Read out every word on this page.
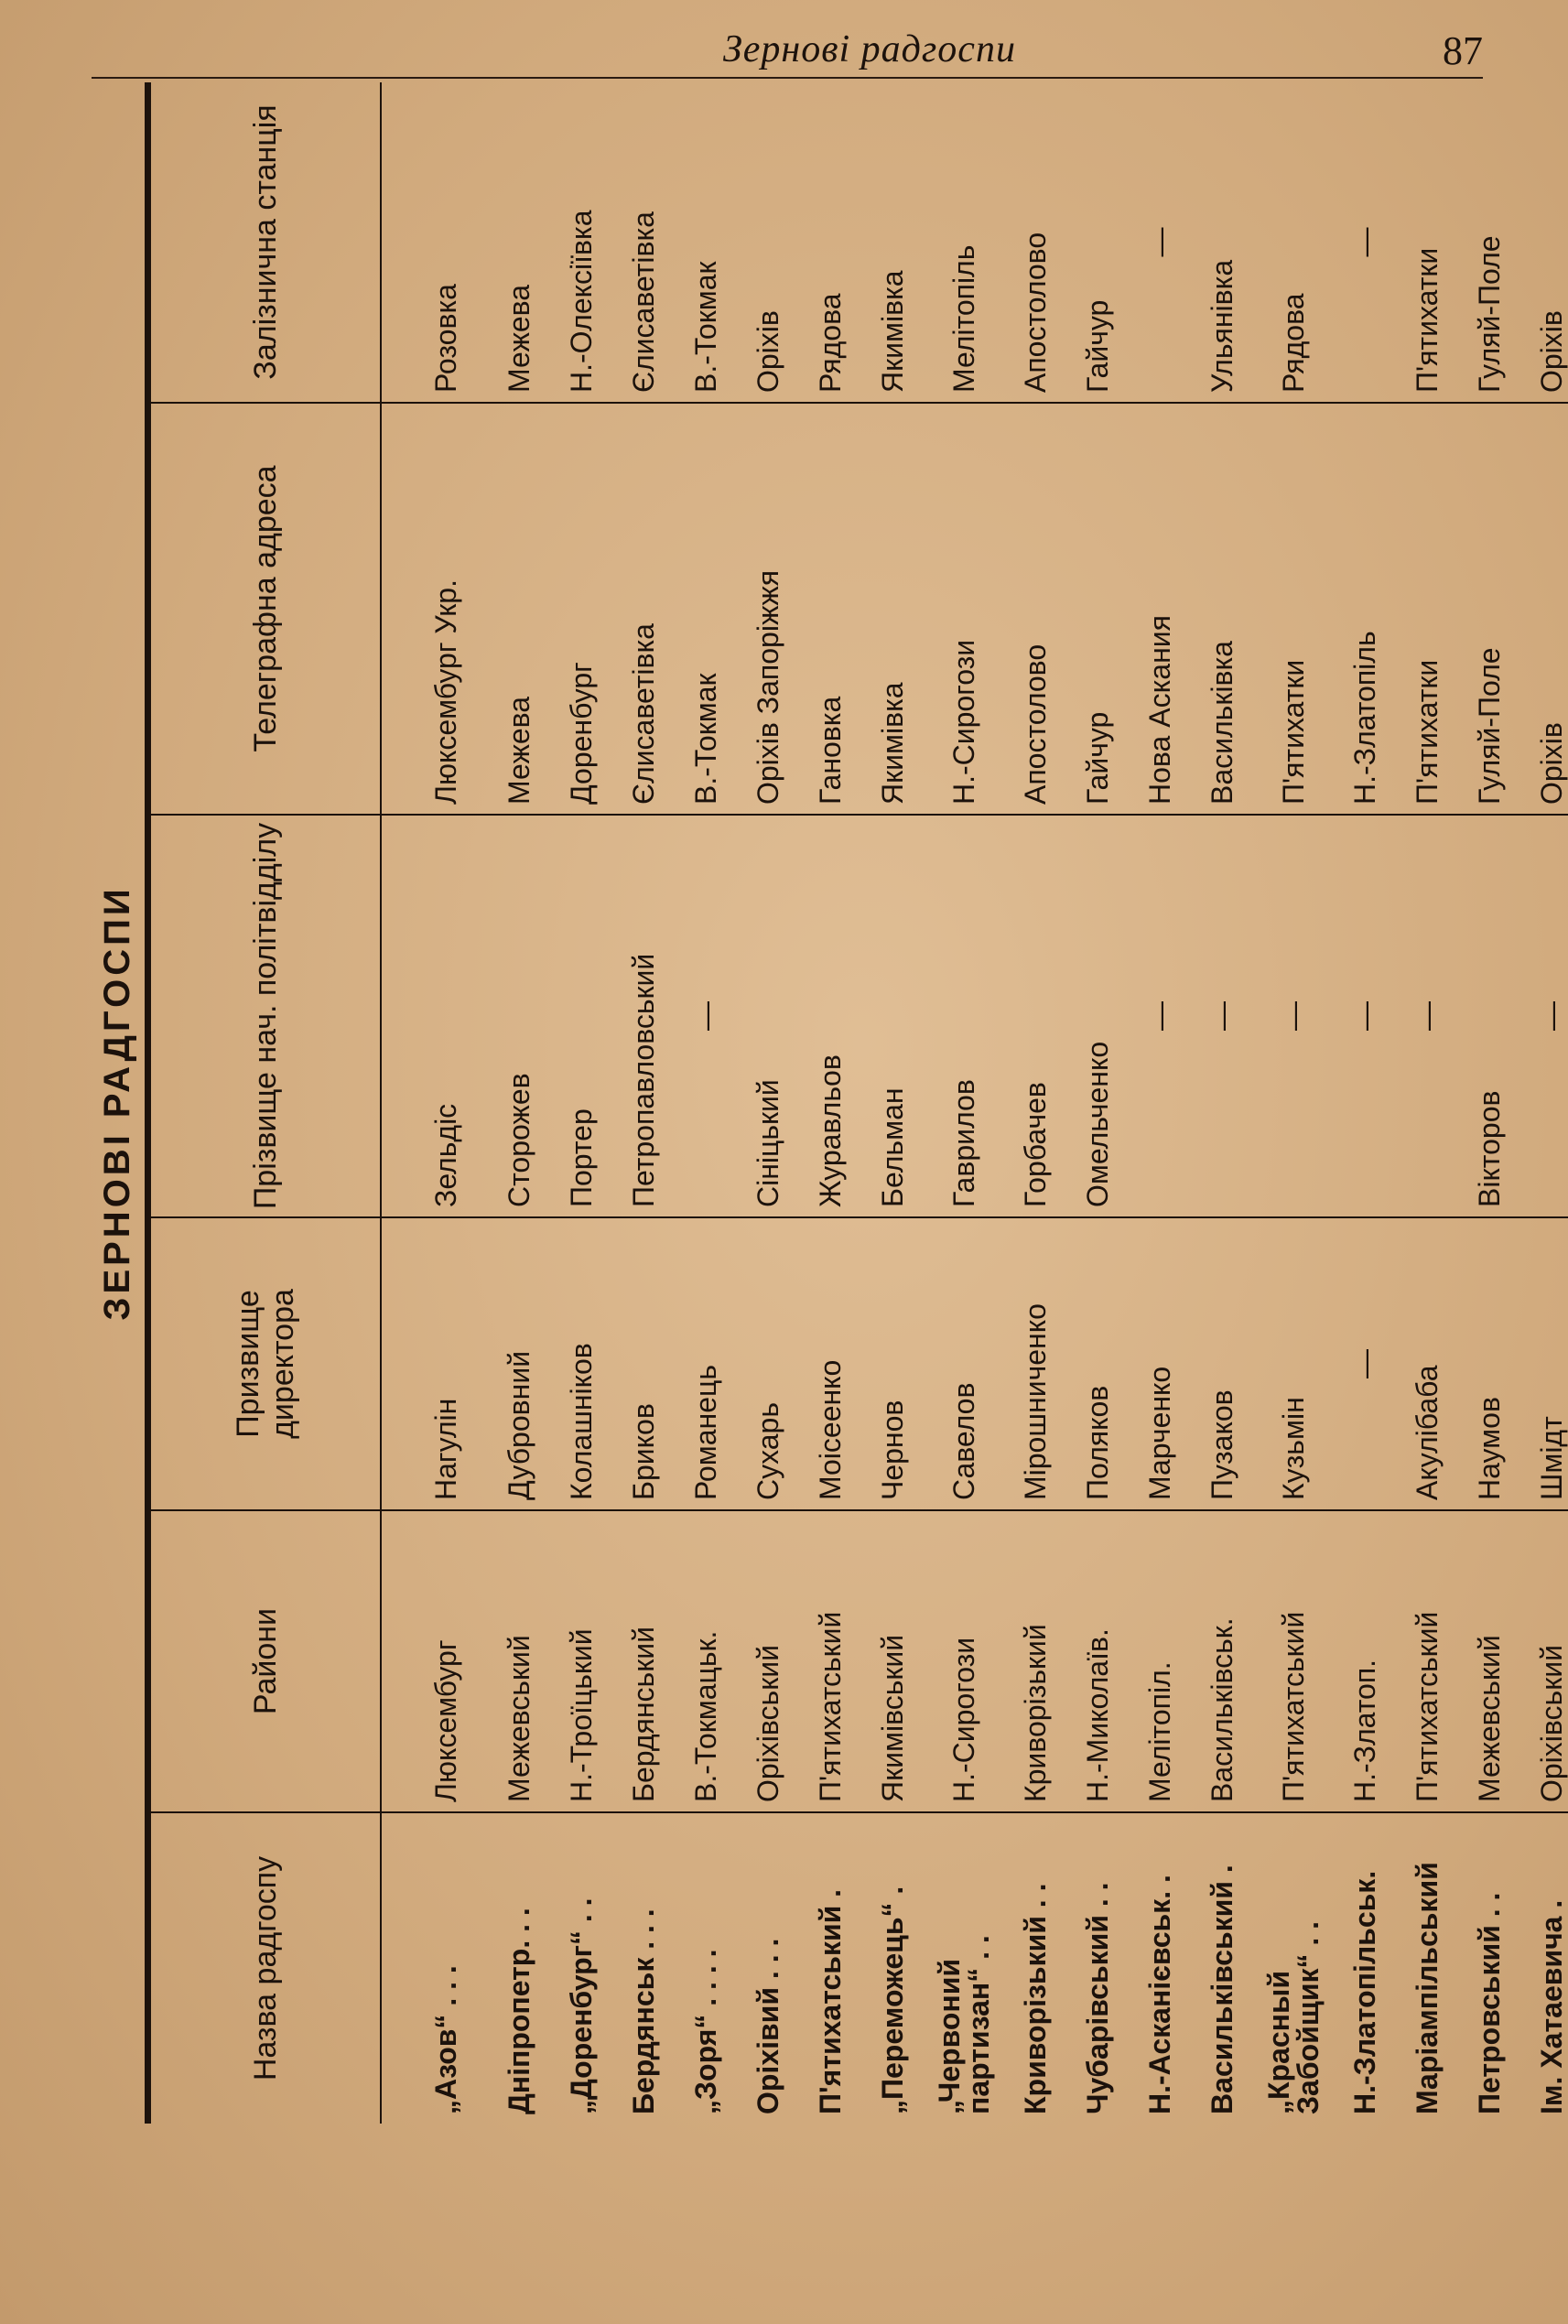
Зернові радгоспи	87
ЗЕРНОВІ РАДГОСПИ
Назва радгоспу	Райони	Призвище директора	Прізвище нач. політвідділу	Телеграфна адреса	Залізнична станція
„Азов“ . . .	Люксембург	Нагулін	Зельдіс	Люксембург Укр.	Розовка
Дніпропетр. . .	Межевський	Дубровний	Сторожев	Межева	Межева
„Доренбург“ . .	Н.-Троїцький	Колашніков	Портер	Доренбург	Н.-Олексіївка
Бердянськ . . .	Бердянський	Бриков	Петропавловський	Єлисаветівка	Єлисаветівка
„Зоря“ . . . .	В.-Токмацьк.	Романець	—	В.-Токмак	В.-Токмак
Оріхівий . . .	Оріхівський	Сухарь	Сініцький	Оріхів Запоріжжя	Оріхів
П'ятихатський .	П'ятихатський	Моісеенко	Журавльов	Гановка	Рядова
„Переможець“ .	Якимівський	Чернов	Бельман	Якимівка	Якимівка
„Червоний партизан“ . .	Н.-Сирогози	Савелов	Гаврилов	Н.-Сирогози	Мелітопіль
Криворізький . .	Криворізький	Мірошниченко	Горбачев	Апостолово	Апостолово
Чубарівський . .	Н.-Миколаїв.	Поляков	Омельченко	Гайчур	Гайчур
Н.-Асканієвськ. .	Мелітопіл.	Марченко	—	Нова Аскания	—
Васильківський .	Васильківськ.	Пузаков	—	Васильківка	Ульянівка
„Красный Забойщик“ . .	П'ятихатський	Кузьмін	—	П'ятихатки	Рядова
Н.-Златопільськ.	Н.-Златоп.	—	—	Н.-Златопіль	—
Маріампільський	П'ятихатський	Акулібаба	—	П'ятихатки	П'ятихатки
Петровський . .	Межевський	Наумов	Вікторов	Гуляй-Поле	Гуляй-Поле
Ім. Хатаевича .	Оріхівський	Шмідт	—	Оріхів	Оріхів
